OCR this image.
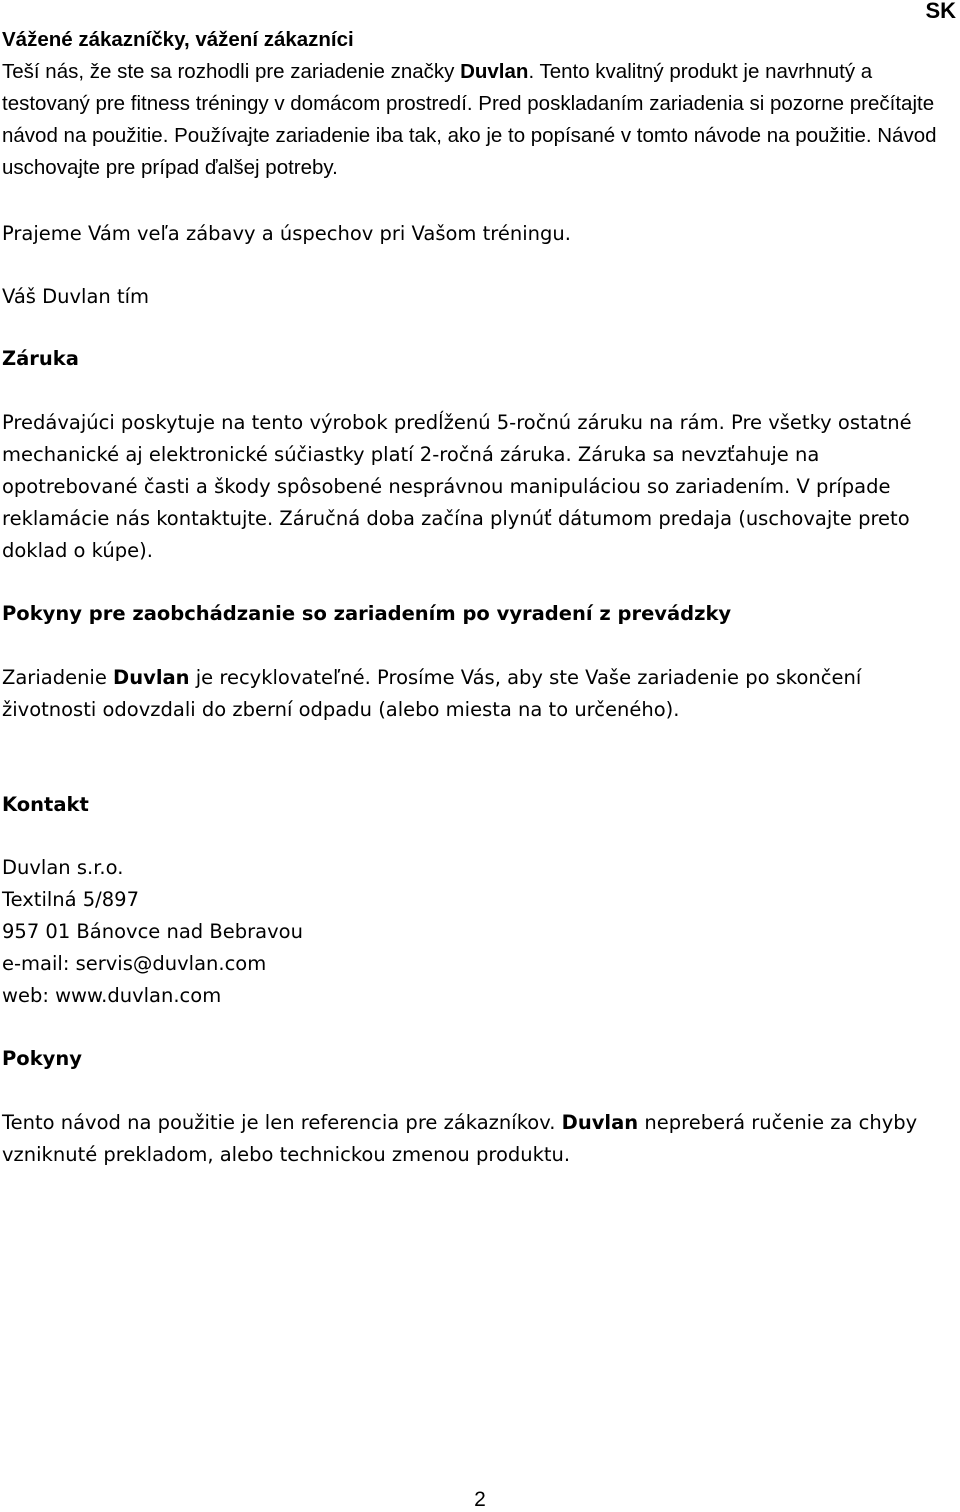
SK

Vážené zákazníčky, vážení zákazníci

Teší nás, že ste sa rozhodli pre zariadenie značky Duvlan. Tento kvalitný produkt je navrhnutý a testovaný pre fitness tréningy v domácom prostredí. Pred poskladaním zariadenia si pozorne prečítajte návod na použitie. Používajte zariadenie iba tak, ako je to popísané v tomto návode na použitie. Návod uschovajte pre prípad ďalšej potreby.

Prajeme Vám veľa zábavy a úspechov pri Vašom tréningu.

Váš Duvlan tím

Záruka

Predávajúci poskytuje na tento výrobok predĺženú 5-ročnú záruku na rám. Pre všetky ostatné mechanické aj elektronické súčiastky platí 2-ročná záruka. Záruka sa nevzťahuje na opotrebované časti a škody spôsobené nesprávnou manipuláciou so zariadením. V prípade reklamácie nás kontaktujte. Záručná doba začína plynúť dátumom predaja (uschovajte preto doklad o kúpe).

Pokyny pre zaobchádzanie so zariadením po vyradení z prevádzky

Zariadenie Duvlan je recyklovateľné. Prosíme Vás, aby ste Vaše zariadenie po skončení životnosti odovzdali do zberní odpadu (alebo miesta na to určeného).

Kontakt

Duvlan s.r.o.

Textilná 5/897

957 01 Bánovce nad Bebravou

e-mail: servis@duvlan.com

web: www.duvlan.com

Pokyny

Tento návod na použitie je len referencia pre zákazníkov. Duvlan nepreberá ručenie za chyby vzniknuté prekladom, alebo technickou zmenou produktu.

2
